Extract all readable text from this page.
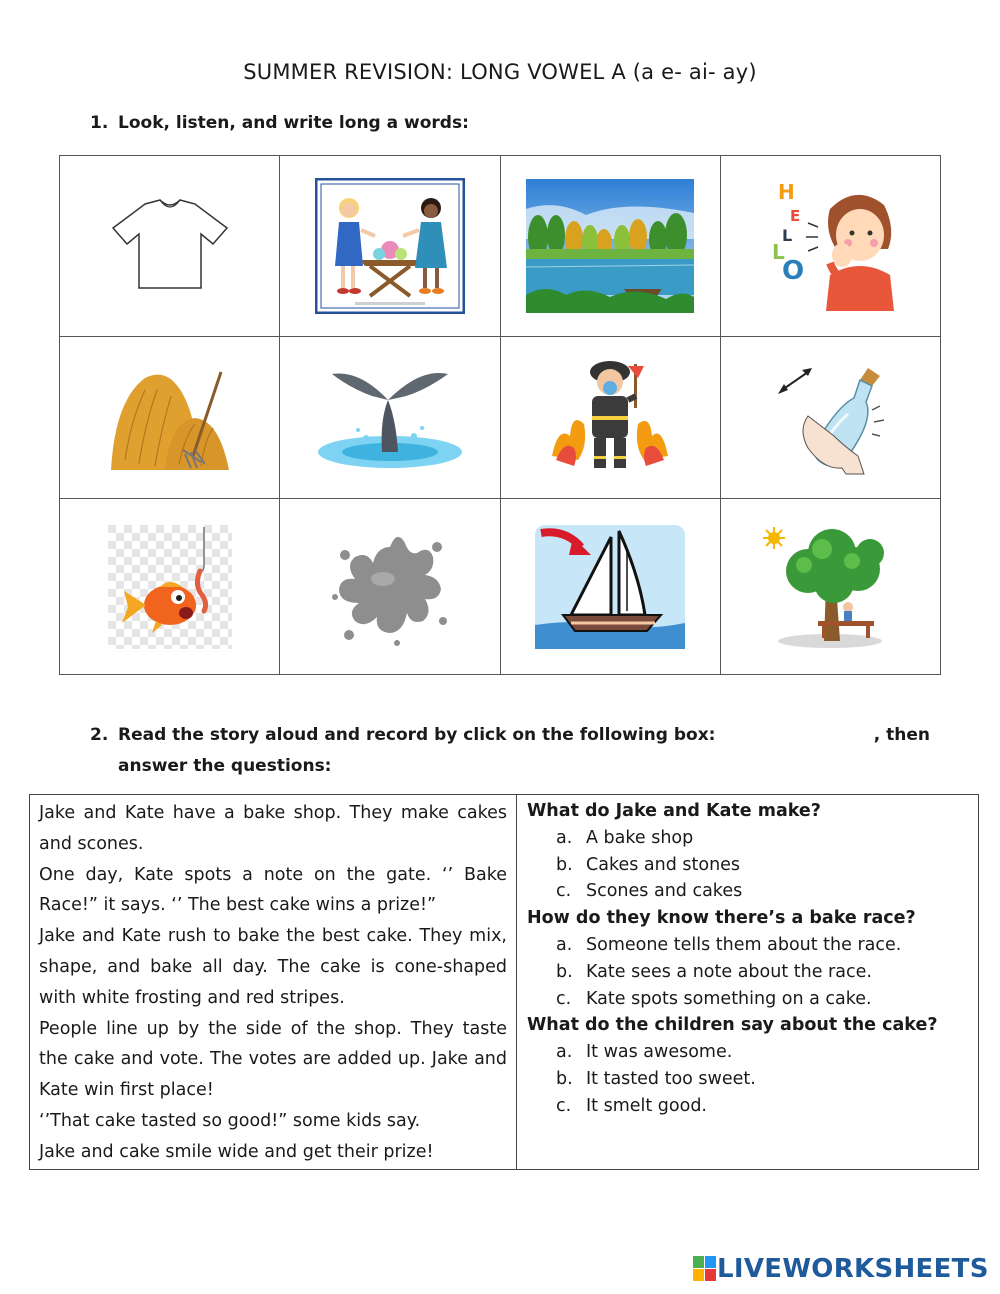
SUMMER REVISION: LONG VOWEL A (a e- ai- ay)
1. Look, listen, and write long a words:

H
E
L
L
O

2. Read the story aloud and record by click on the following box:	, then

answer the questions:

Jake and Kate have a bake shop. They make cakes and scones.

One day, Kate spots a note on the gate. ‘’ Bake Race!” it says. ‘’ The best cake wins a prize!”

Jake and Kate rush to bake the best cake. They mix, shape, and bake all day. The cake is cone-shaped with white frosting and red stripes.

People line up by the side of the shop. They taste the cake and vote. The votes are added up. Jake and Kate win first place!

‘’That cake tasted so good!” some kids say.

Jake and cake smile wide and get their prize!

What do Jake and Kate make?
a. A bake shop
b. Cakes and stones
c. Scones and cakes
How do they know there’s a bake race?
a. Someone tells them about the race.
b. Kate sees a note about the race.
c. Kate spots something on a cake.
What do the children say about the cake?
a. It was awesome.
b. It tasted too sweet.
c. It smelt good.
LIVEWORKSHEETS
